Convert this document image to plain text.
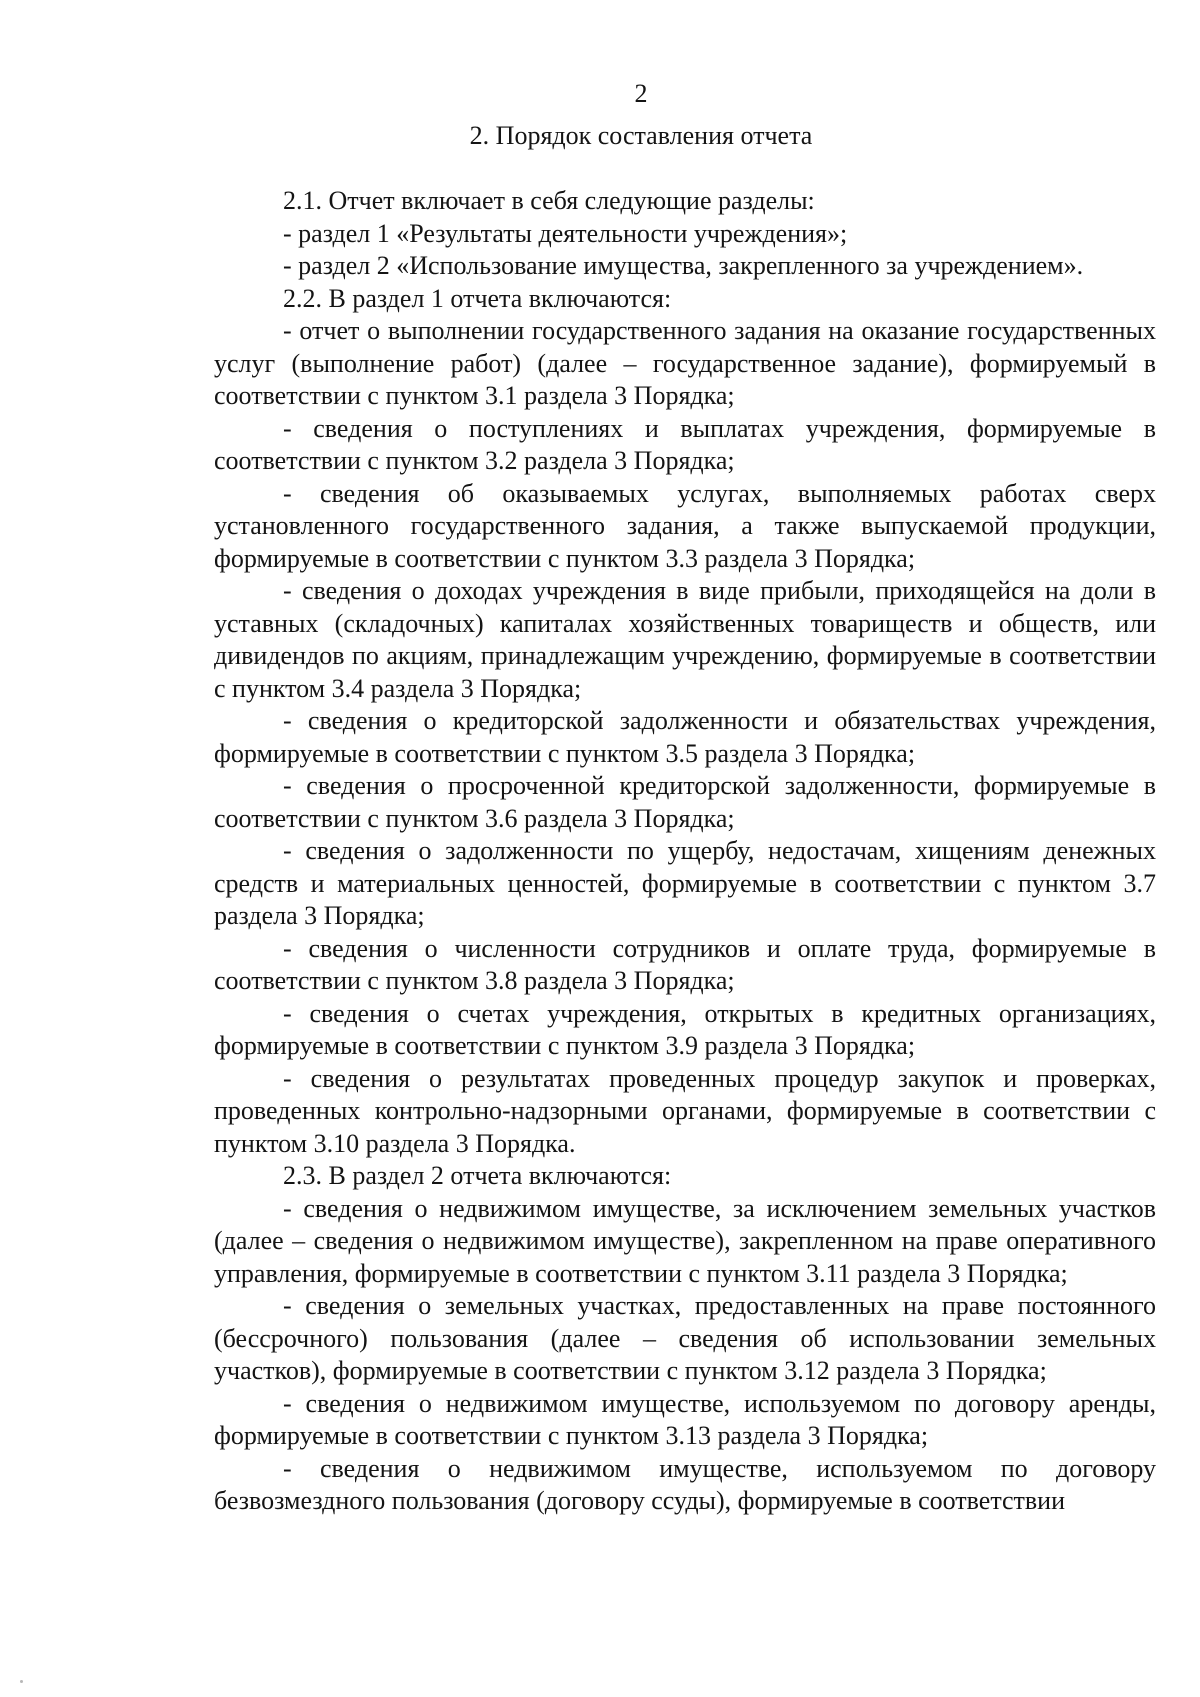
2
2. Порядок составления отчета

2.1. Отчет включает в себя следующие разделы:

- раздел 1 «Результаты деятельности учреждения»;

- раздел 2 «Использование имущества, закрепленного за учреждением».

2.2. В раздел 1 отчета включаются:

- отчет о выполнении государственного задания на оказание государственных услуг (выполнение работ) (далее – государственное задание), формируемый в соответствии с пунктом 3.1 раздела 3 Порядка;

- сведения о поступлениях и выплатах учреждения, формируемые в соответствии с пунктом 3.2 раздела 3 Порядка;

- сведения об оказываемых услугах, выполняемых работах сверх установленного государственного задания, а также выпускаемой продукции, формируемые в соответствии с пунктом 3.3 раздела 3 Порядка;

- сведения о доходах учреждения в виде прибыли, приходящейся на доли в уставных (складочных) капиталах хозяйственных товариществ и обществ, или дивидендов по акциям, принадлежащим учреждению, формируемые в соответствии с пунктом 3.4 раздела 3 Порядка;

- сведения о кредиторской задолженности и обязательствах учреждения, формируемые в соответствии с пунктом 3.5 раздела 3 Порядка;

- сведения о просроченной кредиторской задолженности, формируемые в соответствии с пунктом 3.6 раздела 3 Порядка;

- сведения о задолженности по ущербу, недостачам, хищениям денежных средств и материальных ценностей, формируемые в соответствии с пунктом 3.7 раздела 3 Порядка;

- сведения о численности сотрудников и оплате труда, формируемые в соответствии с пунктом 3.8 раздела 3 Порядка;

- сведения о счетах учреждения, открытых в кредитных организациях, формируемые в соответствии с пунктом 3.9 раздела 3 Порядка;

- сведения о результатах проведенных процедур закупок и проверках, проведенных контрольно-надзорными органами, формируемые в соответствии с пунктом 3.10 раздела 3 Порядка.

2.3. В раздел 2 отчета включаются:

- сведения о недвижимом имуществе, за исключением земельных участков (далее – сведения о недвижимом имуществе), закрепленном на праве оперативного управления, формируемые в соответствии с пунктом 3.11 раздела 3 Порядка;

- сведения о земельных участках, предоставленных на праве постоянного (бессрочного) пользования (далее – сведения об использовании земельных участков), формируемые в соответствии с пунктом 3.12 раздела 3 Порядка;

- сведения о недвижимом имуществе, используемом по договору аренды, формируемые в соответствии с пунктом 3.13 раздела 3 Порядка;

- сведения о недвижимом имуществе, используемом по договору безвозмездного пользования (договору ссуды), формируемые в соответствии
